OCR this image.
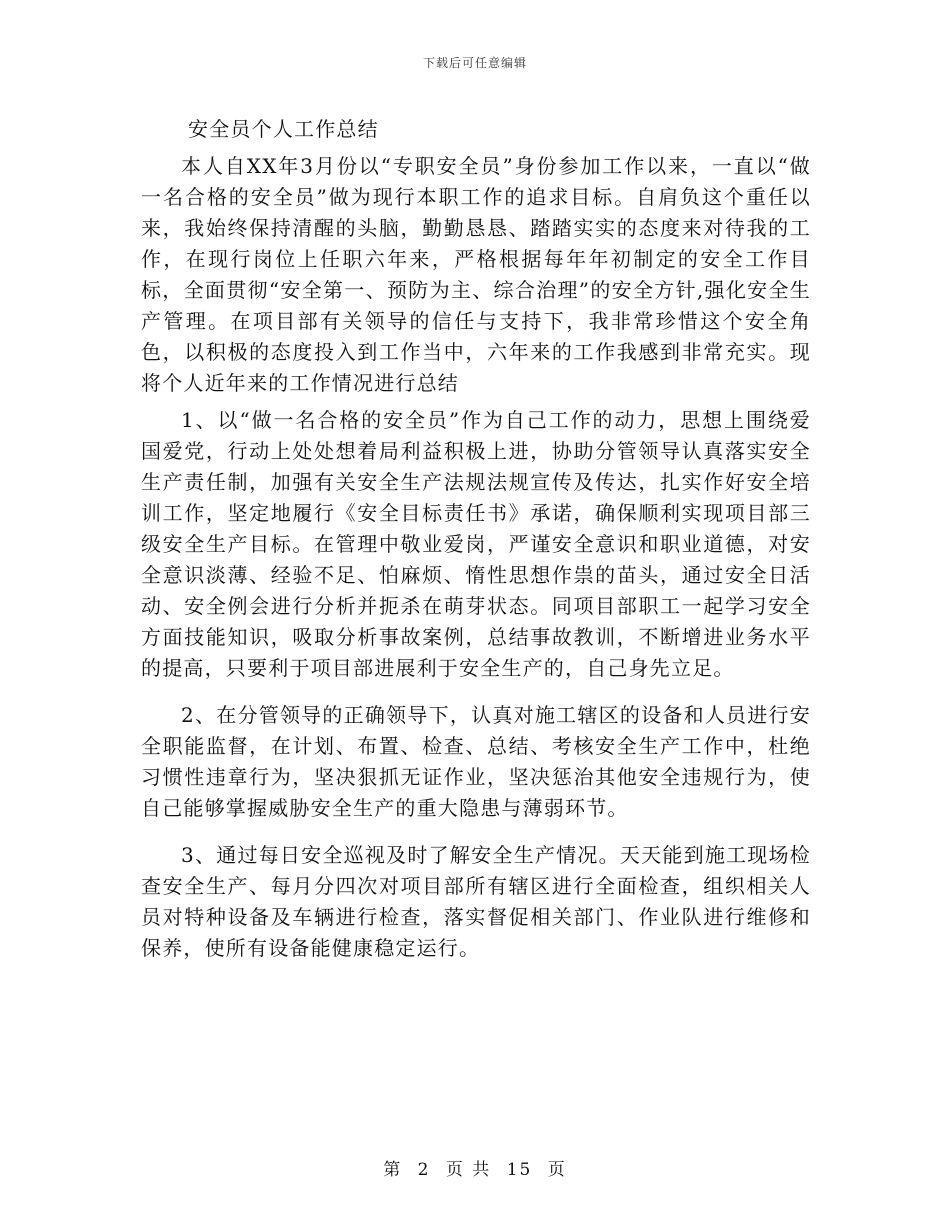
下载后可任意编辑
安全员个人工作总结

本人自XX年3月份以“专职安全员”身份参加工作以来，一直以“做一名合格的安全员”做为现行本职工作的追求目标。自肩负这个重任以来，我始终保持清醒的头脑，勤勤恳恳、踏踏实实的态度来对待我的工作，在现行岗位上任职六年来，严格根据每年年初制定的安全工作目标，全面贯彻“安全第一、预防为主、综合治理”的安全方针,强化安全生产管理。在项目部有关领导的信任与支持下，我非常珍惜这个安全角色，以积极的态度投入到工作当中，六年来的工作我感到非常充实。现将个人近年来的工作情况进行总结

1、以“做一名合格的安全员”作为自己工作的动力，思想上围绕爱国爱党，行动上处处想着局利益积极上进，协助分管领导认真落实安全生产责任制，加强有关安全生产法规法规宣传及传达，扎实作好安全培训工作，坚定地履行《安全目标责任书》承诺，确保顺利实现项目部三级安全生产目标。在管理中敬业爱岗，严谨安全意识和职业道德，对安全意识淡薄、经验不足、怕麻烦、惰性思想作祟的苗头，通过安全日活动、安全例会进行分析并扼杀在萌芽状态。同项目部职工一起学习安全方面技能知识，吸取分析事故案例，总结事故教训，不断增进业务水平的提高，只要利于项目部进展利于安全生产的，自己身先立足。

2、在分管领导的正确领导下，认真对施工辖区的设备和人员进行安全职能监督，在计划、布置、检查、总结、考核安全生产工作中，杜绝习惯性违章行为，坚决狠抓无证作业，坚决惩治其他安全违规行为，使自己能够掌握威胁安全生产的重大隐患与薄弱环节。

3、通过每日安全巡视及时了解安全生产情况。天天能到施工现场检查安全生产、每月分四次对项目部所有辖区进行全面检查，组织相关人员对特种设备及车辆进行检查，落实督促相关部门、作业队进行维修和保养，使所有设备能健康稳定运行。

第 2 页 共 15 页
